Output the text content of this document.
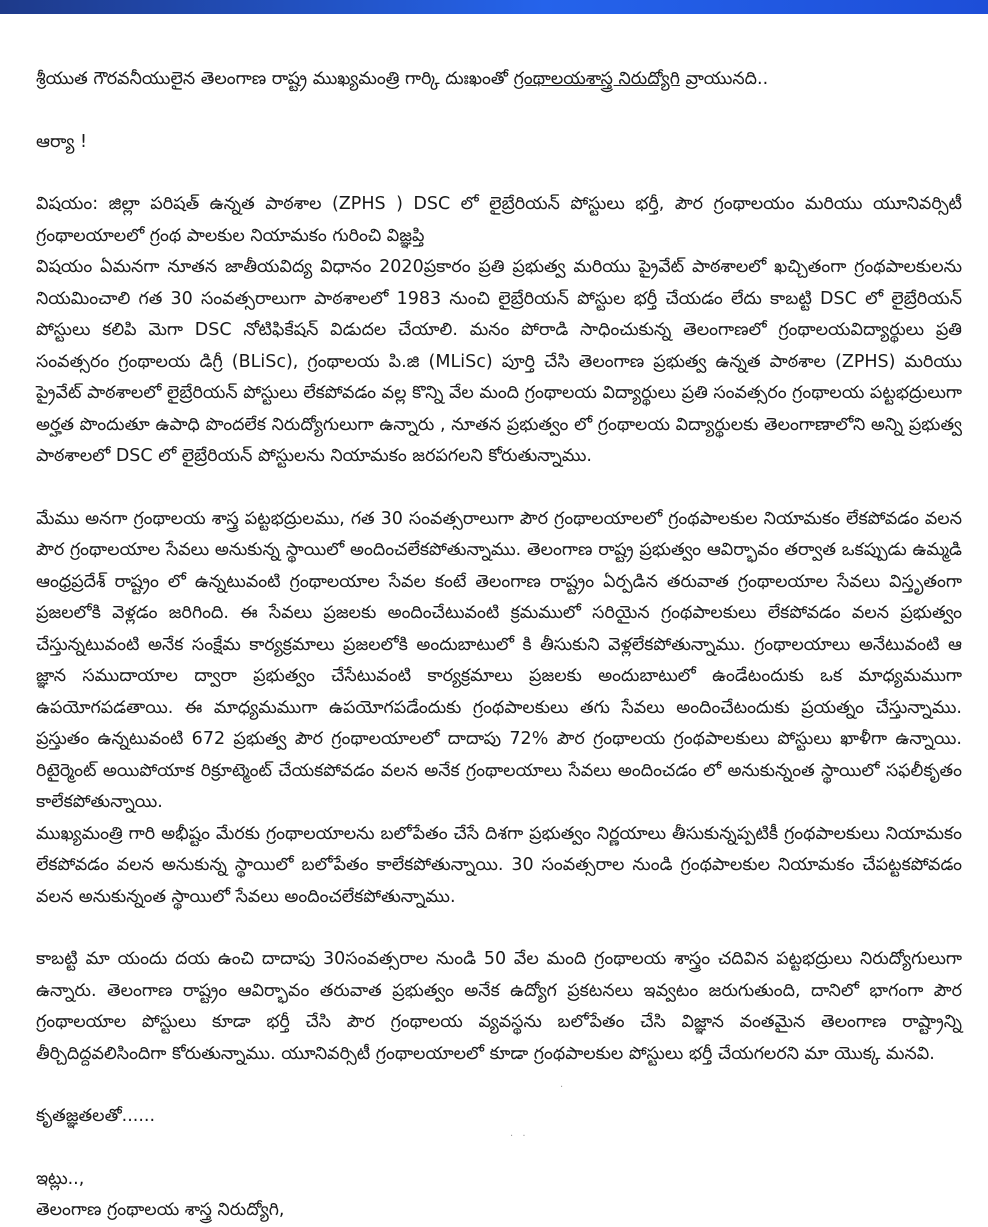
శ్రీయుత గౌరవనీయులైన తెలంగాణ రాష్ట్ర ముఖ్యమంత్రి గార్కి దుఃఖంతో గ్రంథాలయశాస్త్ర నిరుద్యోగి వ్రాయునది..

ఆర్యా !

విషయం: జిల్లా పరిషత్ ఉన్నత పాఠశాల (ZPHS ) DSC లో లైబ్రేరియన్ పోస్టులు భర్తీ, పౌర గ్రంథాలయం మరియు యూనివర్సిటీ గ్రంథాలయాలలో గ్రంథ పాలకుల నియామకం గురించి విజ్ఞప్తి

విషయం ఏమనగా నూతన జాతీయవిద్య విధానం 2020ప్రకారం ప్రతి ప్రభుత్వ మరియు ప్రైవేట్ పాఠశాలలో ఖచ్చితంగా గ్రంథపాలకులను నియమించాలి గత 30 సంవత్సరాలుగా పాఠశాలలో 1983 నుంచి లైబ్రేరియన్ పోస్టుల భర్తీ చేయడం లేదు కాబట్టి DSC లో లైబ్రేరియన్ పోస్టులు కలిపి మెగా DSC నోటిఫికేషన్ విడుదల చేయాలి. మనం పోరాడి సాధించుకున్న తెలంగాణలో గ్రంథాలయవిద్యార్థులు ప్రతి సంవత్సరం గ్రంథాలయ డిగ్రీ (BLiSc), గ్రంథాలయ పి.జి (MLiSc) పూర్తి చేసి తెలంగాణ ప్రభుత్వ ఉన్నత పాఠశాల (ZPHS) మరియు ప్రైవేట్ పాఠశాలలో లైబ్రేరియన్ పోస్టులు లేకపోవడం వల్ల కొన్ని వేల మంది గ్రంథాలయ విద్యార్థులు ప్రతి సంవత్సరం గ్రంథాలయ పట్టభద్రులుగా అర్హత పొందుతూ ఉపాధి పొందలేక నిరుద్యోగులుగా ఉన్నారు , నూతన ప్రభుత్వం లో గ్రంథాలయ విద్యార్థులకు తెలంగాణాలోని అన్ని ప్రభుత్వ పాఠశాలలో DSC లో లైబ్రేరియన్ పోస్టులను నియామకం జరపగలని కోరుతున్నాము.

మేము అనగా గ్రంథాలయ శాస్త్ర పట్టభద్రులము, గత 30 సంవత్సరాలుగా పౌర గ్రంథాలయాలలో గ్రంథపాలకుల నియామకం లేకపోవడం వలన పౌర గ్రంథాలయాల సేవలు అనుకున్న స్థాయిలో అందించలేకపోతున్నాము. తెలంగాణ రాష్ట్ర ప్రభుత్వం ఆవిర్భావం తర్వాత ఒకప్పుడు ఉమ్మడి ఆంధ్రప్రదేశ్ రాష్ట్రం లో ఉన్నటువంటి గ్రంథాలయాల సేవల కంటే తెలంగాణ రాష్ట్రం ఏర్పడిన తరువాత గ్రంథాలయాల సేవలు విస్తృతంగా ప్రజలలోకి వెళ్లడం జరిగింది. ఈ సేవలు ప్రజలకు అందించేటువంటి క్రమములో సరియైన గ్రంథపాలకులు లేకపోవడం వలన ప్రభుత్వం చేస్తున్నటువంటి అనేక సంక్షేమ కార్యక్రమాలు ప్రజలలోకి అందుబాటులో కి తీసుకుని వెళ్లలేకపోతున్నాము. గ్రంథాలయాలు అనేటువంటి ఆ జ్ఞాన సముదాయాల ద్వారా ప్రభుత్వం చేసేటువంటి కార్యక్రమాలు ప్రజలకు అందుబాటులో ఉండేటందుకు ఒక మాధ్యమముగా ఉపయోగపడతాయి. ఈ మాధ్యమముగా ఉపయోగపడేందుకు గ్రంథపాలకులు తగు సేవలు అందించేటందుకు ప్రయత్నం చేస్తున్నాము. ప్రస్తుతం ఉన్నటువంటి 672 ప్రభుత్వ పౌర గ్రంథాలయాలలో దాదాపు 72% పౌర గ్రంథాలయ గ్రంథపాలకులు పోస్టులు ఖాళీగా ఉన్నాయి. రిటైర్మెంట్ అయిపోయాక రిక్రూట్మెంట్ చేయకపోవడం వలన అనేక గ్రంథాలయాలు సేవలు అందించడం లో అనుకున్నంత స్థాయిలో సఫలీకృతం కాలేకపోతున్నాయి.

ముఖ్యమంత్రి గారి అభీష్టం మేరకు గ్రంథాలయాలను బలోపేతం చేసే దిశగా ప్రభుత్వం నిర్ణయాలు తీసుకున్నప్పటికీ గ్రంథపాలకులు నియామకం లేకపోవడం వలన అనుకున్న స్థాయిలో బలోపేతం కాలేకపోతున్నాయి. 30 సంవత్సరాల నుండి గ్రంథపాలకుల నియామకం చేపట్టకపోవడం వలన అనుకున్నంత స్థాయిలో సేవలు అందించలేకపోతున్నాము.

కాబట్టి మా యందు దయ ఉంచి దాదాపు 30సంవత్సరాల నుండి 50 వేల మంది గ్రంథాలయ శాస్త్రం చదివిన పట్టభద్రులు నిరుద్యోగులుగా ఉన్నారు. తెలంగాణ రాష్ట్రం ఆవిర్భావం తరువాత ప్రభుత్వం అనేక ఉద్యోగ ప్రకటనలు ఇవ్వటం జరుగుతుంది, దానిలో భాగంగా పౌర గ్రంథాలయాల పోస్టులు కూడా భర్తీ చేసి పౌర గ్రంథాలయ వ్యవస్థను బలోపేతం చేసి విజ్ఞాన వంతమైన తెలంగాణ రాష్ట్రాన్ని తీర్చిదిద్దవలిసిందిగా కోరుతున్నాము. యూనివర్సిటీ గ్రంథాలయాలలో కూడా గ్రంథపాలకుల పోస్టులు భర్తీ చేయగలరని మా యొక్క మనవి.

కృతజ్ఞతలతో......

ఇట్లు..,

తెలంగాణ గ్రంథాలయ శాస్త్ర నిరుద్యోగి,

·
· ·
